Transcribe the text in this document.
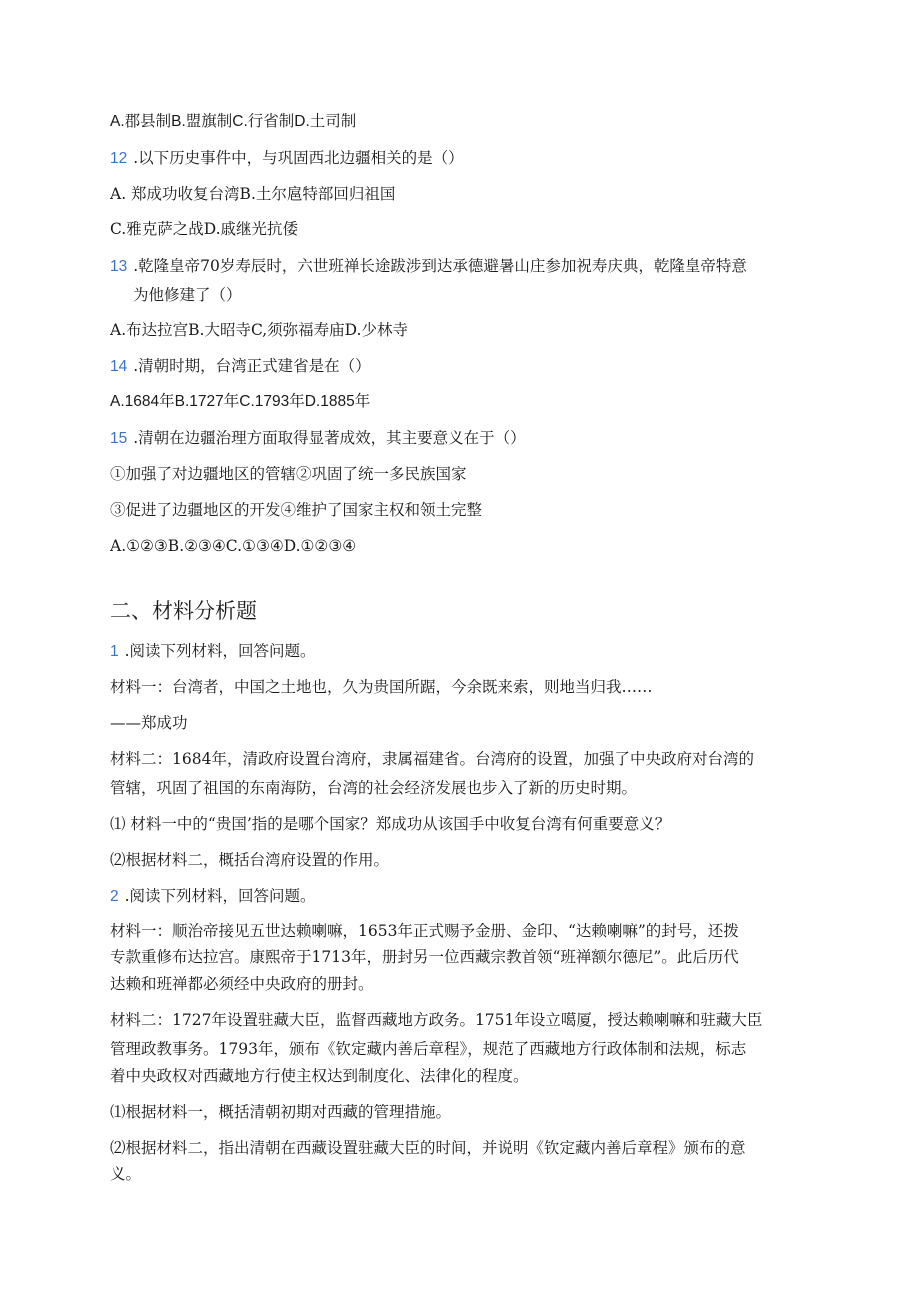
A.郡县制B.盟旗制C.行省制D.土司制
12 .以下历史事件中，与巩固西北边疆相关的是（）
A. 郑成功收复台湾B.土尔扈特部回归祖国
C.雅克萨之战D.戚继光抗倭
13 .乾隆皇帝70岁寿辰时，六世班禅长途跋涉到达承德避暑山庄参加祝寿庆典，乾隆皇帝特意
为他修建了（）
A.布达拉宫B.大昭寺C,须弥福寿庙D.少林寺
14 .清朝时期，台湾正式建省是在（）
A.1684年B.1727年C.1793年D.1885年
15 .清朝在边疆治理方面取得显著成效，其主要意义在于（）
①加强了对边疆地区的管辖②巩固了统一多民族国家
③促进了边疆地区的开发④维护了国家主权和领土完整
A.①②③B.②③④C.①③④D.①②③④
二、材料分析题
1 .阅读下列材料，回答问题。
材料一：台湾者，中国之土地也，久为贵国所踞，今余既来索，则地当归我……
——郑成功
材料二：1684年，清政府设置台湾府，隶属福建省。台湾府的设置，加强了中央政府对台湾的
管辖，巩固了祖国的东南海防，台湾的社会经济发展也步入了新的历史时期。
⑴ 材料一中的“贵国’指的是哪个国家？郑成功从该国手中收复台湾有何重要意义？
⑵根据材料二，概括台湾府设置的作用。
2 .阅读下列材料，回答问题。
材料一：顺治帝接见五世达赖喇嘛，1653年正式赐予金册、金印、“达赖喇嘛”的封号，还拨
专款重修布达拉宫。康熙帝于1713年，册封另一位西藏宗教首领“班禅额尔德尼”。此后历代
达赖和班禅都必须经中央政府的册封。
材料二：1727年设置驻藏大臣，监督西藏地方政务。1751年设立噶厦，授达赖喇嘛和驻藏大臣
管理政教事务。1793年，颁布《钦定藏内善后章程》，规范了西藏地方行政体制和法规，标志
着中央政权对西藏地方行使主权达到制度化、法律化的程度。
⑴根据材料一，概括清朝初期对西藏的管理措施。
⑵根据材料二，指出清朝在西藏设置驻藏大臣的时间，并说明《钦定藏内善后章程》颁布的意
义。
